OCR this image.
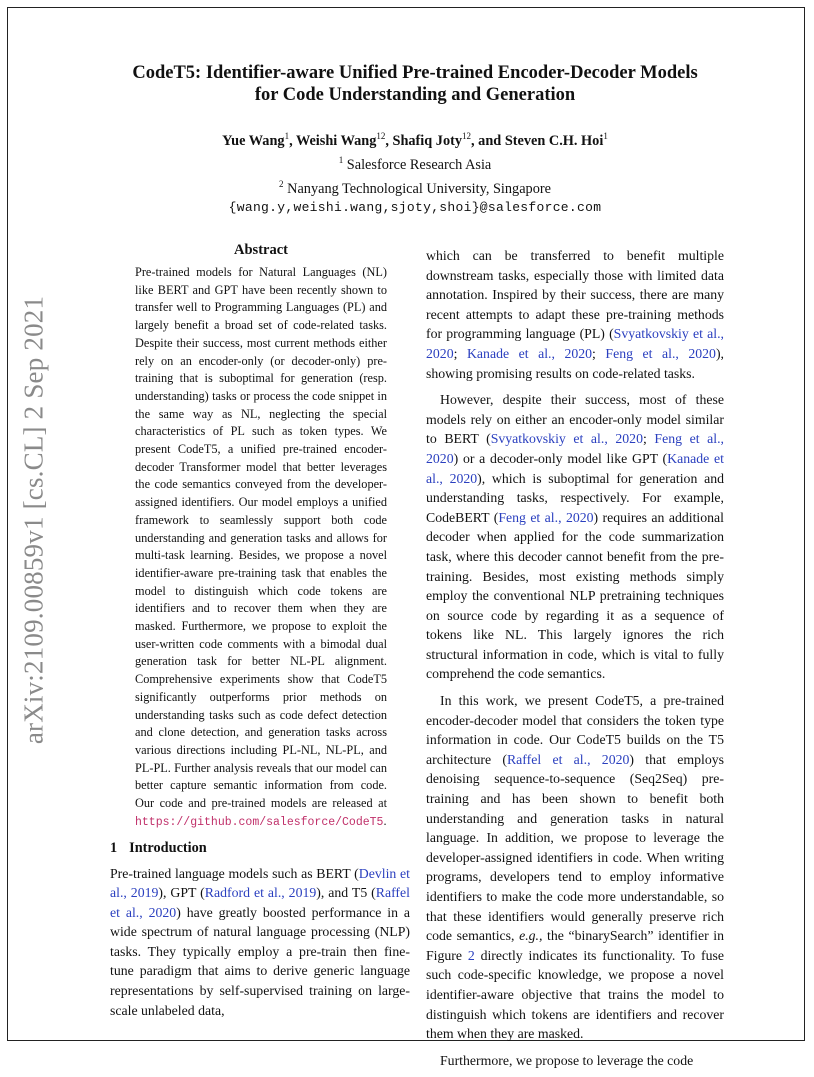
arXiv:2109.00859v1 [cs.CL] 2 Sep 2021
CodeT5: Identifier-aware Unified Pre-trained Encoder-Decoder Models
for Code Understanding and Generation
Yue Wang$^1$, Weishi Wang$^{12}$, Shafiq Joty$^{12}$, and Steven C.H. Hoi$^1$
$^1$ Salesforce Research Asia
$^2$ Nanyang Technological University, Singapore
{wang.y,weishi.wang,sjoty,shoi}@salesforce.com
Abstract
Pre-trained models for Natural Languages (NL) like BERT and GPT have been recently shown to transfer well to Programming Languages (PL) and largely benefit a broad set of code-related tasks. Despite their success, most current methods either rely on an encoder-only (or decoder-only) pre-training that is suboptimal for generation (resp. understanding) tasks or process the code snippet in the same way as NL, neglecting the special characteristics of PL such as token types. We present CodeT5, a unified pre-trained encoder-decoder Transformer model that better leverages the code semantics conveyed from the developer-assigned identifiers. Our model employs a unified framework to seamlessly support both code understanding and generation tasks and allows for multi-task learning. Besides, we propose a novel identifier-aware pre-training task that enables the model to distinguish which code tokens are identifiers and to recover them when they are masked. Furthermore, we propose to exploit the user-written code comments with a bimodal dual generation task for better NL-PL alignment. Comprehensive experiments show that CodeT5 significantly outperforms prior methods on understanding tasks such as code defect detection and clone detection, and generation tasks across various directions including PL-NL, NL-PL, and PL-PL. Further analysis reveals that our model can better capture semantic information from code. Our code and pre-trained models are released at https://github.com/salesforce/CodeT5.
1 Introduction
Pre-trained language models such as BERT (Devlin et al., 2019), GPT (Radford et al., 2019), and T5 (Raffel et al., 2020) have greatly boosted performance in a wide spectrum of natural language processing (NLP) tasks. They typically employ a pre-train then fine-tune paradigm that aims to derive generic language representations by self-supervised training on large-scale unlabeled data,

which can be transferred to benefit multiple downstream tasks, especially those with limited data annotation. Inspired by their success, there are many recent attempts to adapt these pre-training methods for programming language (PL) (Svyatkovskiy et al., 2020; Kanade et al., 2020; Feng et al., 2020), showing promising results on code-related tasks.

However, despite their success, most of these models rely on either an encoder-only model similar to BERT (Svyatkovskiy et al., 2020; Feng et al., 2020) or a decoder-only model like GPT (Kanade et al., 2020), which is suboptimal for generation and understanding tasks, respectively. For example, CodeBERT (Feng et al., 2020) requires an additional decoder when applied for the code summarization task, where this decoder cannot benefit from the pre-training. Besides, most existing methods simply employ the conventional NLP pretraining techniques on source code by regarding it as a sequence of tokens like NL. This largely ignores the rich structural information in code, which is vital to fully comprehend the code semantics.

In this work, we present CodeT5, a pre-trained encoder-decoder model that considers the token type information in code. Our CodeT5 builds on the T5 architecture (Raffel et al., 2020) that employs denoising sequence-to-sequence (Seq2Seq) pre-training and has been shown to benefit both understanding and generation tasks in natural language. In addition, we propose to leverage the developer-assigned identifiers in code. When writing programs, developers tend to employ informative identifiers to make the code more understandable, so that these identifiers would generally preserve rich code semantics, e.g., the “binarySearch” identifier in Figure 2 directly indicates its functionality. To fuse such code-specific knowledge, we propose a novel identifier-aware objective that trains the model to distinguish which tokens are identifiers and recover them when they are masked.

Furthermore, we propose to leverage the code
